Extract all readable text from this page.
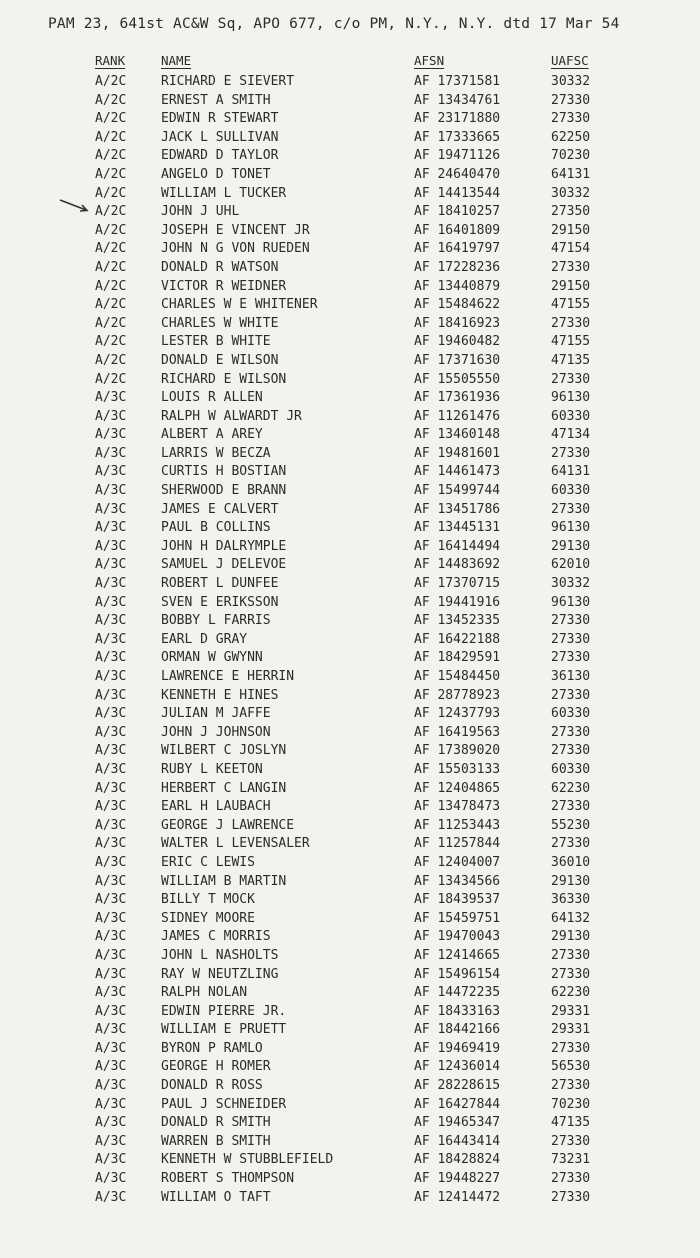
PAM 23, 641st AC&W Sq, APO 677, c/o PM, N.Y., N.Y. dtd 17 Mar 54
RANK	NAME	AFSN	UAFSC
A/2C	RICHARD E SIEVERT	AF 17371581	30332
A/2C	ERNEST A SMITH	AF 13434761	27330
A/2C	EDWIN R STEWART	AF 23171880	27330
A/2C	JACK L SULLIVAN	AF 17333665	62250
A/2C	EDWARD D TAYLOR	AF 19471126	70230
A/2C	ANGELO D TONET	AF 24640470	64131
A/2C	WILLIAM L TUCKER	AF 14413544	30332
A/2C	JOHN J UHL	AF 18410257	27350
A/2C	JOSEPH E VINCENT JR	AF 16401809	29150
A/2C	JOHN N G VON RUEDEN	AF 16419797	47154
A/2C	DONALD R WATSON	AF 17228236	27330
A/2C	VICTOR R WEIDNER	AF 13440879	29150
A/2C	CHARLES W E WHITENER	AF 15484622	47155
A/2C	CHARLES W WHITE	AF 18416923	27330
A/2C	LESTER B WHITE	AF 19460482	47155
A/2C	DONALD E WILSON	AF 17371630	47135
A/2C	RICHARD E WILSON	AF 15505550	27330
A/3C	LOUIS R ALLEN	AF 17361936	96130
A/3C	RALPH W ALWARDT JR	AF 11261476	60330
A/3C	ALBERT A AREY	AF 13460148	47134
A/3C	LARRIS W BECZA	AF 19481601	27330
A/3C	CURTIS H BOSTIAN	AF 14461473	64131
A/3C	SHERWOOD E BRANN	AF 15499744	60330
A/3C	JAMES E CALVERT	AF 13451786	27330
A/3C	PAUL B COLLINS	AF 13445131	96130
A/3C	JOHN H DALRYMPLE	AF 16414494	29130
A/3C	SAMUEL J DELEVOE	AF 14483692	62010
A/3C	ROBERT L DUNFEE	AF 17370715	30332
A/3C	SVEN E ERIKSSON	AF 19441916	96130
A/3C	BOBBY L FARRIS	AF 13452335	27330
A/3C	EARL D GRAY	AF 16422188	27330
A/3C	ORMAN W GWYNN	AF 18429591	27330
A/3C	LAWRENCE E HERRIN	AF 15484450	36130
A/3C	KENNETH E HINES	AF 28778923	27330
A/3C	JULIAN M JAFFE	AF 12437793	60330
A/3C	JOHN J JOHNSON	AF 16419563	27330
A/3C	WILBERT C JOSLYN	AF 17389020	27330
A/3C	RUBY L KEETON	AF 15503133	60330
A/3C	HERBERT C LANGIN	AF 12404865	62230
A/3C	EARL H LAUBACH	AF 13478473	27330
A/3C	GEORGE J LAWRENCE	AF 11253443	55230
A/3C	WALTER L LEVENSALER	AF 11257844	27330
A/3C	ERIC C LEWIS	AF 12404007	36010
A/3C	WILLIAM B MARTIN	AF 13434566	29130
A/3C	BILLY T MOCK	AF 18439537	36330
A/3C	SIDNEY MOORE	AF 15459751	64132
A/3C	JAMES C MORRIS	AF 19470043	29130
A/3C	JOHN L NASHOLTS	AF 12414665	27330
A/3C	RAY W NEUTZLING	AF 15496154	27330
A/3C	RALPH NOLAN	AF 14472235	62230
A/3C	EDWIN PIERRE JR.	AF 18433163	29331
A/3C	WILLIAM E PRUETT	AF 18442166	29331
A/3C	BYRON P RAMLO	AF 19469419	27330
A/3C	GEORGE H ROMER	AF 12436014	56530
A/3C	DONALD R ROSS	AF 28228615	27330
A/3C	PAUL J SCHNEIDER	AF 16427844	70230
A/3C	DONALD R SMITH	AF 19465347	47135
A/3C	WARREN B SMITH	AF 16443414	27330
A/3C	KENNETH W STUBBLEFIELD	AF 18428824	73231
A/3C	ROBERT S THOMPSON	AF 19448227	27330
A/3C	WILLIAM O TAFT	AF 12414472	27330
